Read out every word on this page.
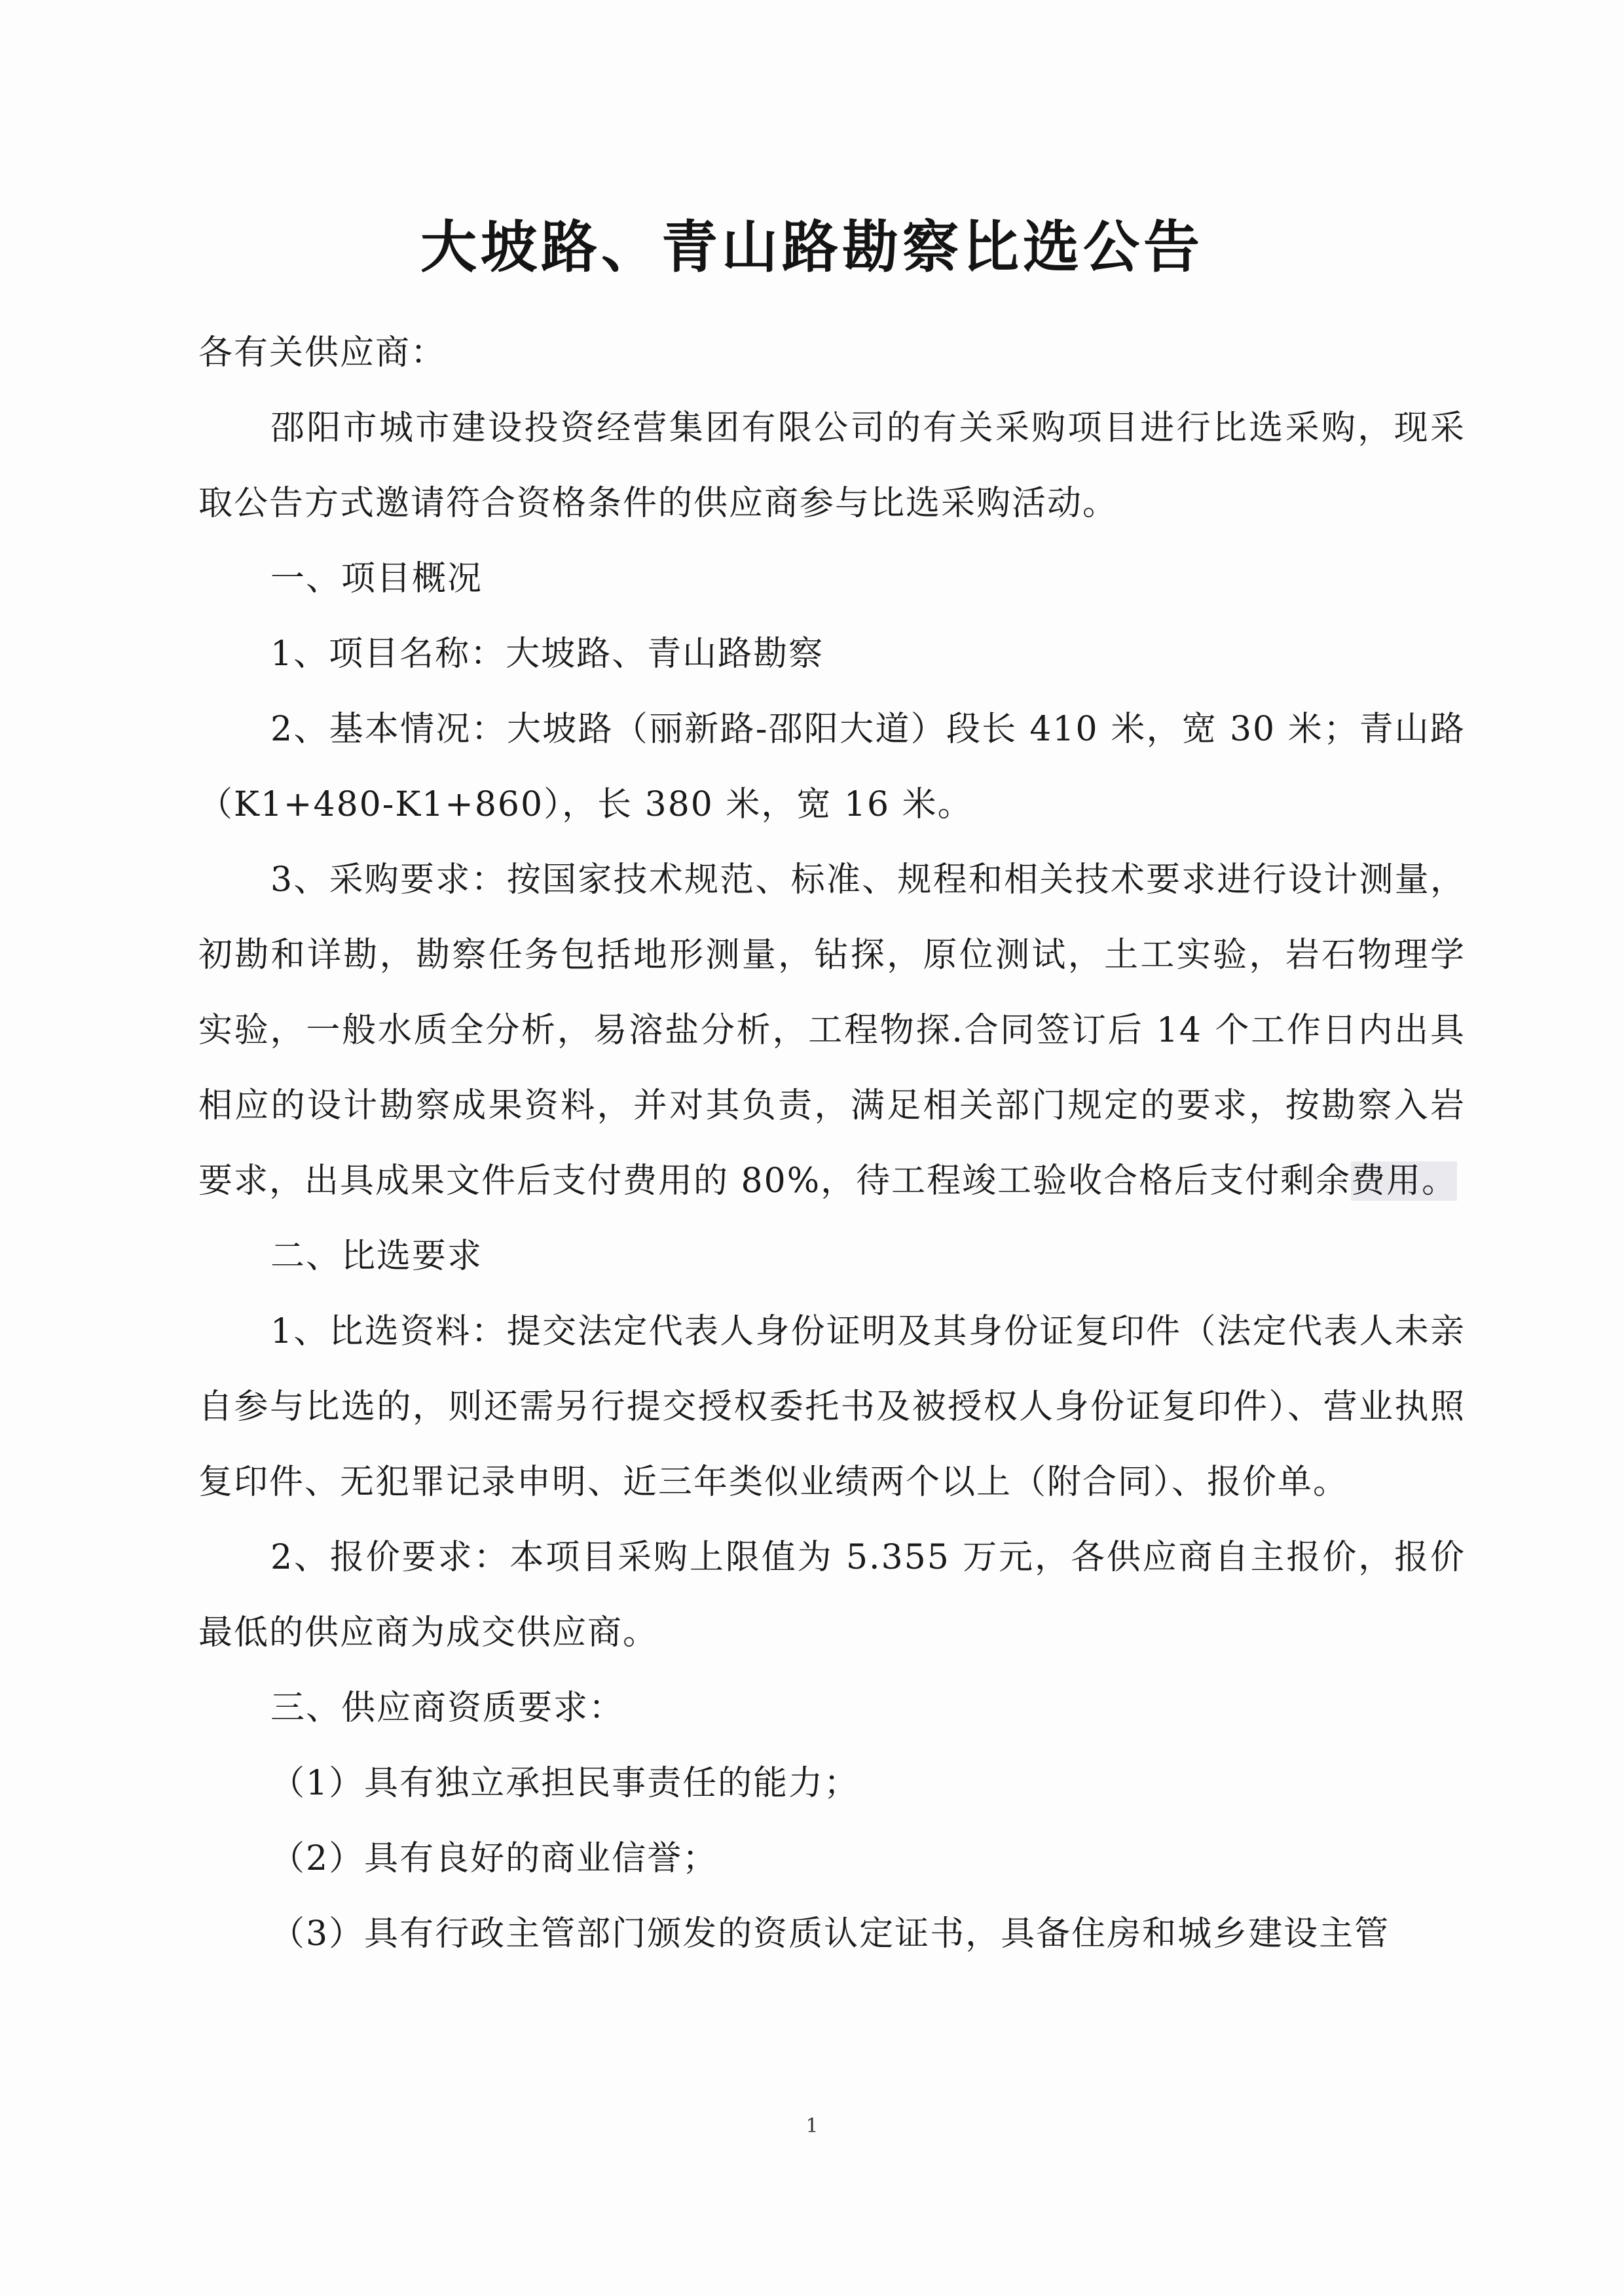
大坡路、青山路勘察比选公告

各有关供应商：

邵阳市城市建设投资经营集团有限公司的有关采购项目进行比选采购，现采取公告方式邀请符合资格条件的供应商参与比选采购活动。

一、项目概况

1、项目名称：大坡路、青山路勘察

2、基本情况：大坡路（丽新路-邵阳大道）段长 410 米，宽 30 米；青山路（K1+480-K1+860），长 380 米，宽 16 米。

3、采购要求：按国家技术规范、标准、规程和相关技术要求进行设计测量，初勘和详勘，勘察任务包括地形测量，钻探，原位测试，土工实验，岩石物理学实验，一般水质全分析，易溶盐分析，工程物探.合同签订后 14 个工作日内出具相应的设计勘察成果资料，并对其负责，满足相关部门规定的要求，按勘察入岩要求，出具成果文件后支付费用的 80%，待工程竣工验收合格后支付剩余费用。

二、比选要求

1、比选资料：提交法定代表人身份证明及其身份证复印件（法定代表人未亲自参与比选的，则还需另行提交授权委托书及被授权人身份证复印件）、营业执照复印件、无犯罪记录申明、近三年类似业绩两个以上（附合同）、报价单。

2、报价要求：本项目采购上限值为 5.355 万元，各供应商自主报价，报价最低的供应商为成交供应商。

三、供应商资质要求：

（1）具有独立承担民事责任的能力；

（2）具有良好的商业信誉；

（3）具有行政主管部门颁发的资质认定证书，具备住房和城乡建设主管

1
